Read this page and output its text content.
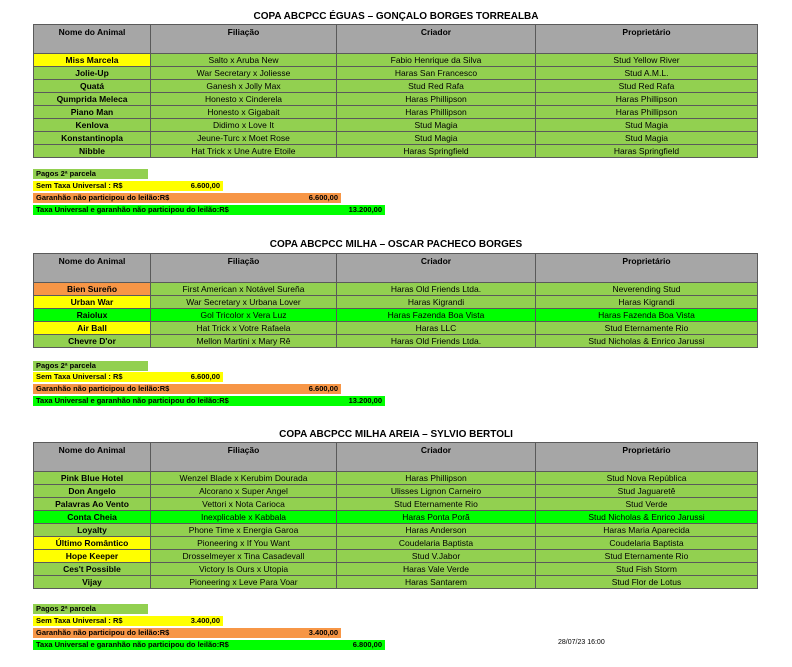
COPA ABCPCC ÉGUAS – GONÇALO BORGES TORREALBA
Nome do Animal	Filiação	Criador	Proprietário
Miss Marcela	Salto x Aruba New	Fabio Henrique da Silva	Stud Yellow River
Jolie-Up	War Secretary x Joliesse	Haras San Francesco	Stud A.M.L.
Quatá	Ganesh x Jolly Max	Stud Red Rafa	Stud Red Rafa
Qumprida Meleca	Honesto x Cinderela	Haras Phillipson	Haras Phillipson
Piano Man	Honesto x Gigabait	Haras Phillipson	Haras Phillipson
Kenlova	Didimo x Love It	Stud Magia	Stud Magia
Konstantinopla	Jeune-Turc x Moet Rose	Stud Magia	Stud Magia
Nibble	Hat Trick x Une Autre Etoile	Haras Springfield	Haras Springfield
Pagos 2ª parcela
Sem Taxa Universal : R$	6.600,00
Garanhão não participou do leilão:R$	6.600,00
Taxa Universal e garanhão não participou do leilão:R$	13.200,00
COPA ABCPCC MILHA – OSCAR PACHECO BORGES
Nome do Animal	Filiação	Criador	Proprietário
Bien Sureño	First American x Notável Sureña	Haras Old Friends Ltda.	Neverending Stud
Urban War	War Secretary x Urbana Lover	Haras Kigrandi	Haras Kigrandi
Raiolux	Gol Tricolor x Vera Luz	Haras Fazenda Boa Vista	Haras Fazenda Boa Vista
Air Ball	Hat Trick x Votre Rafaela	Haras LLC	Stud Eternamente Rio
Chevre D'or	Mellon Martini x Mary Rê	Haras Old Friends Ltda.	Stud Nicholas & Enrico Jarussi
Pagos 2ª parcela
Sem Taxa Universal : R$	6.600,00
Garanhão não participou do leilão:R$	6.600,00
Taxa Universal e garanhão não participou do leilão:R$	13.200,00
COPA ABCPCC MILHA AREIA – SYLVIO BERTOLI
Nome do Animal	Filiação	Criador	Proprietário
Pink Blue Hotel	Wenzel Blade x Kerubim Dourada	Haras Phillipson	Stud Nova República
Don Angelo	Alcorano x Super Angel	Ulisses Lignon Carneiro	Stud Jaguaretê
Palavras Ao Vento	Vettori x Nota Carioca	Stud Eternamente Rio	Stud Verde
Conta Cheia	Inexplicable x Kabbala	Haras Ponta Porã	Stud Nicholas & Enrico Jarussi
Loyalty	Phone Time x Energia Garoa	Haras Anderson	Haras Maria Aparecida
Último Romântico	Pioneering x If You Want	Coudelaria Baptista	Coudelaria Baptista
Hope Keeper	Drosselmeyer x Tina Casadevall	Stud V.Jabor	Stud Eternamente Rio
Ces't Possible	Victory Is Ours x Utopia	Haras Vale Verde	Stud Fish Storm
Vijay	Pioneering x Leve Para Voar	Haras Santarem	Stud Flor de Lotus
Pagos 2ª parcela
Sem Taxa Universal : R$	3.400,00
Garanhão não participou do leilão:R$	3.400,00
Taxa Universal e garanhão não participou do leilão:R$	6.800,00	28/07/23 16:00
